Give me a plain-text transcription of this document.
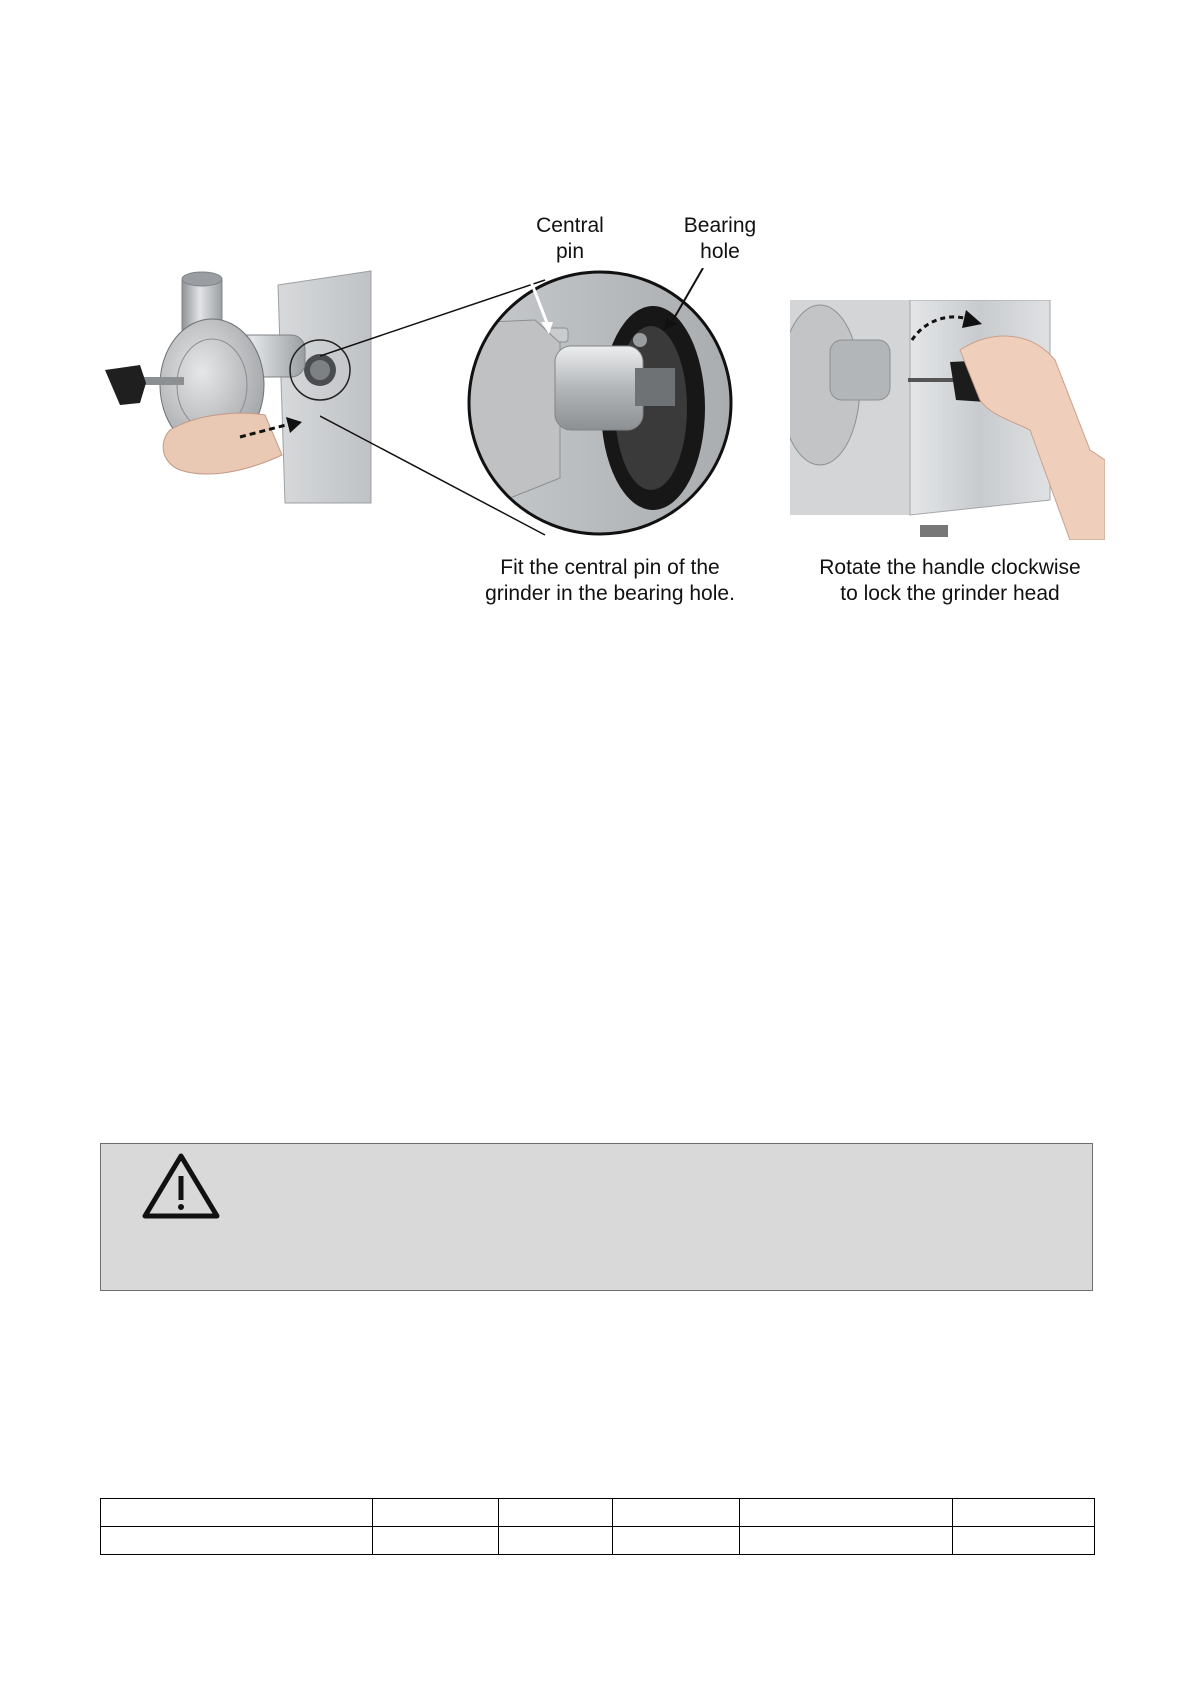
Central
pin
Bearing
hole
Fit the central pin of the
grinder in the bearing hole.
Rotate the handle clockwise
to lock the grinder head
